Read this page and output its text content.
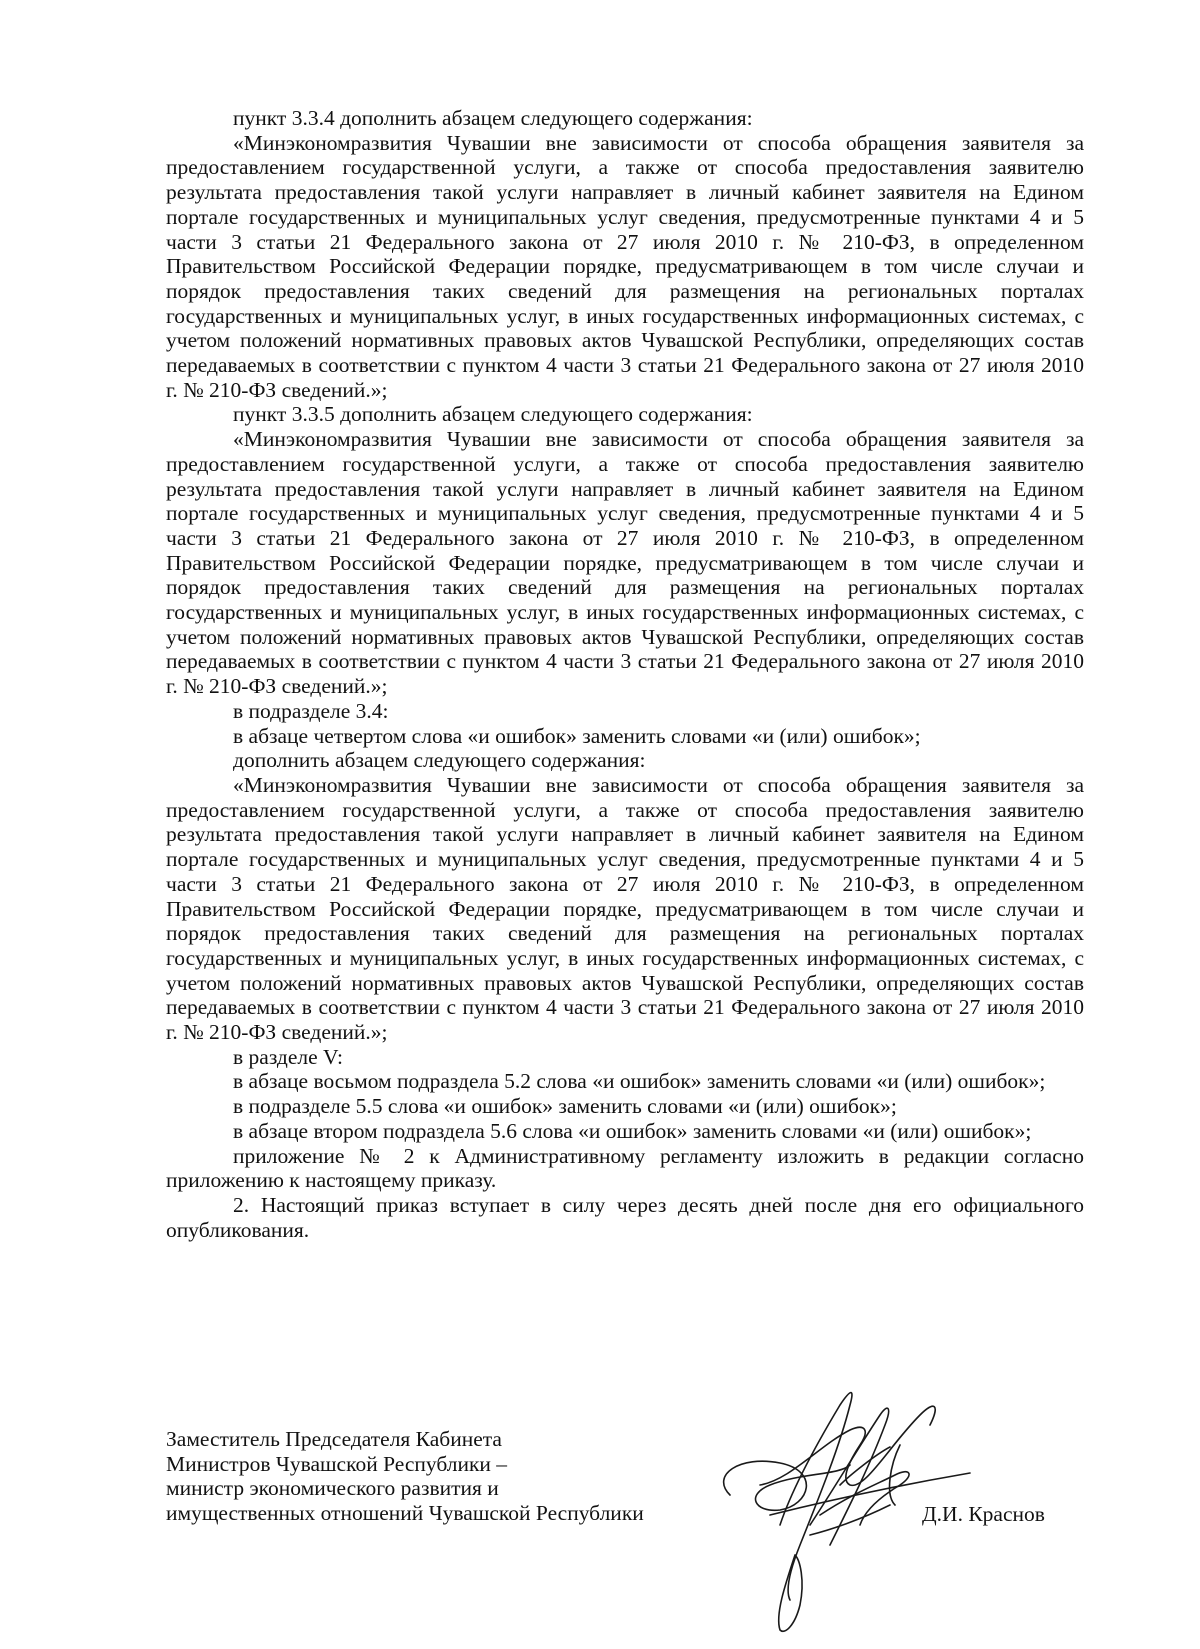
пункт 3.3.4 дополнить абзацем следующего содержания:

«Минэкономразвития Чувашии вне зависимости от способа обращения заявителя за предоставлением государственной услуги, а также от способа предоставления заявителю результата предоставления такой услуги направляет в личный кабинет заявителя на Едином портале государственных и муниципальных услуг сведения, предусмотренные пунктами 4 и 5 части 3 статьи 21 Федерального закона от 27 июля 2010 г. № 210-ФЗ, в определенном Правительством Российской Федерации порядке, предусматривающем в том числе случаи и порядок предоставления таких сведений для размещения на региональных порталах государственных и муниципальных услуг, в иных государственных информационных системах, с учетом положений нормативных правовых актов Чувашской Республики, определяющих состав передаваемых в соответствии с пунктом 4 части 3 статьи 21 Федерального закона от 27 июля 2010 г. № 210-ФЗ сведений.»;

пункт 3.3.5 дополнить абзацем следующего содержания:

«Минэкономразвития Чувашии вне зависимости от способа обращения заявителя за предоставлением государственной услуги, а также от способа предоставления заявителю результата предоставления такой услуги направляет в личный кабинет заявителя на Едином портале государственных и муниципальных услуг сведения, предусмотренные пунктами 4 и 5 части 3 статьи 21 Федерального закона от 27 июля 2010 г. № 210-ФЗ, в определенном Правительством Российской Федерации порядке, предусматривающем в том числе случаи и порядок предоставления таких сведений для размещения на региональных порталах государственных и муниципальных услуг, в иных государственных информационных системах, с учетом положений нормативных правовых актов Чувашской Республики, определяющих состав передаваемых в соответствии с пунктом 4 части 3 статьи 21 Федерального закона от 27 июля 2010 г. № 210-ФЗ сведений.»;

в подразделе 3.4:

в абзаце четвертом слова «и ошибок» заменить словами «и (или) ошибок»;

дополнить абзацем следующего содержания:

«Минэкономразвития Чувашии вне зависимости от способа обращения заявителя за предоставлением государственной услуги, а также от способа предоставления заявителю результата предоставления такой услуги направляет в личный кабинет заявителя на Едином портале государственных и муниципальных услуг сведения, предусмотренные пунктами 4 и 5 части 3 статьи 21 Федерального закона от 27 июля 2010 г. № 210-ФЗ, в определенном Правительством Российской Федерации порядке, предусматривающем в том числе случаи и порядок предоставления таких сведений для размещения на региональных порталах государственных и муниципальных услуг, в иных государственных информационных системах, с учетом положений нормативных правовых актов Чувашской Республики, определяющих состав передаваемых в соответствии с пунктом 4 части 3 статьи 21 Федерального закона от 27 июля 2010 г. № 210-ФЗ сведений.»;

в разделе V:

в абзаце восьмом подраздела 5.2 слова «и ошибок» заменить словами «и (или) ошибок»;

в подразделе 5.5 слова «и ошибок» заменить словами «и (или) ошибок»;

в абзаце втором подраздела 5.6 слова «и ошибок» заменить словами «и (или) ошибок»;

приложение № 2 к Административному регламенту изложить в редакции согласно приложению к настоящему приказу.

2. Настоящий приказ вступает в силу через десять дней после дня его официального опубликования.

Заместитель Председателя Кабинета
Министров Чувашской Республики –
министр экономического развития и
имущественных отношений Чувашской Республики	Д.И. Краснов
